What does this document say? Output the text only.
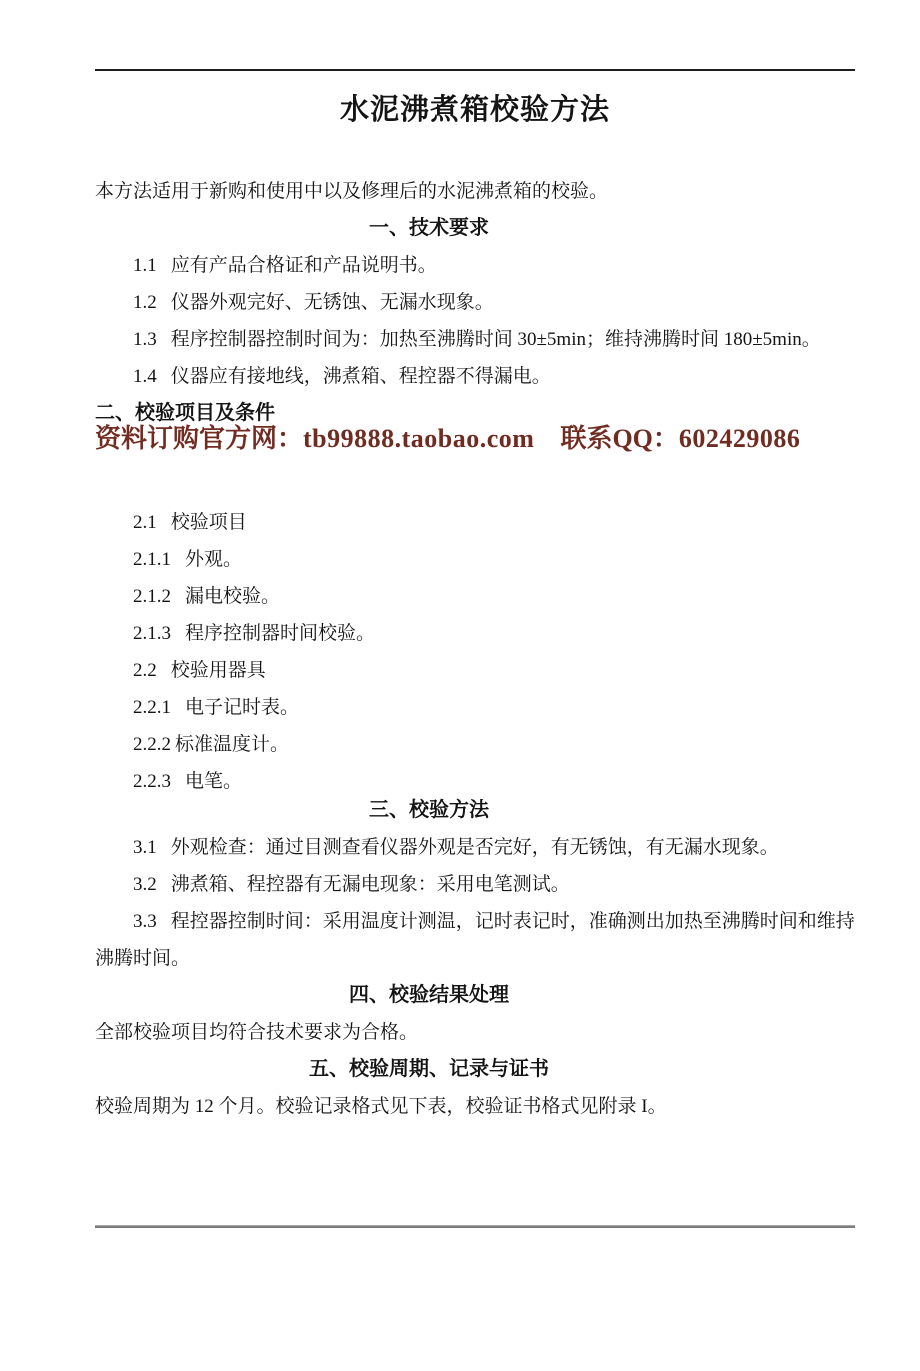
水泥沸煮箱校验方法

本方法适用于新购和使用中以及修理后的水泥沸煮箱的校验。

一、技术要求

1.1 应有产品合格证和产品说明书。

1.2 仪器外观完好、无锈蚀、无漏水现象。

1.3 程序控制器控制时间为：加热至沸腾时间 30±5min；维持沸腾时间 180±5min。

1.4 仪器应有接地线，沸煮箱、程控器不得漏电。

二、校验项目及条件
资料订购官方网：tb99888.taobao.com 联系QQ：602429086

2.1 校验项目

2.1.1 外观。

2.1.2 漏电校验。

2.1.3 程序控制器时间校验。

2.2 校验用器具

2.2.1 电子记时表。

2.2.2 标准温度计。

2.2.3 电笔。

三、校验方法

3.1 外观检查：通过目测查看仪器外观是否完好，有无锈蚀，有无漏水现象。

3.2 沸煮箱、程控器有无漏电现象：采用电笔测试。

3.3 程控器控制时间：采用温度计测温，记时表记时，准确测出加热至沸腾时间和维持沸腾时间。

四、校验结果处理

全部校验项目均符合技术要求为合格。

五、校验周期、记录与证书

校验周期为 12 个月。校验记录格式见下表，校验证书格式见附录 I。
